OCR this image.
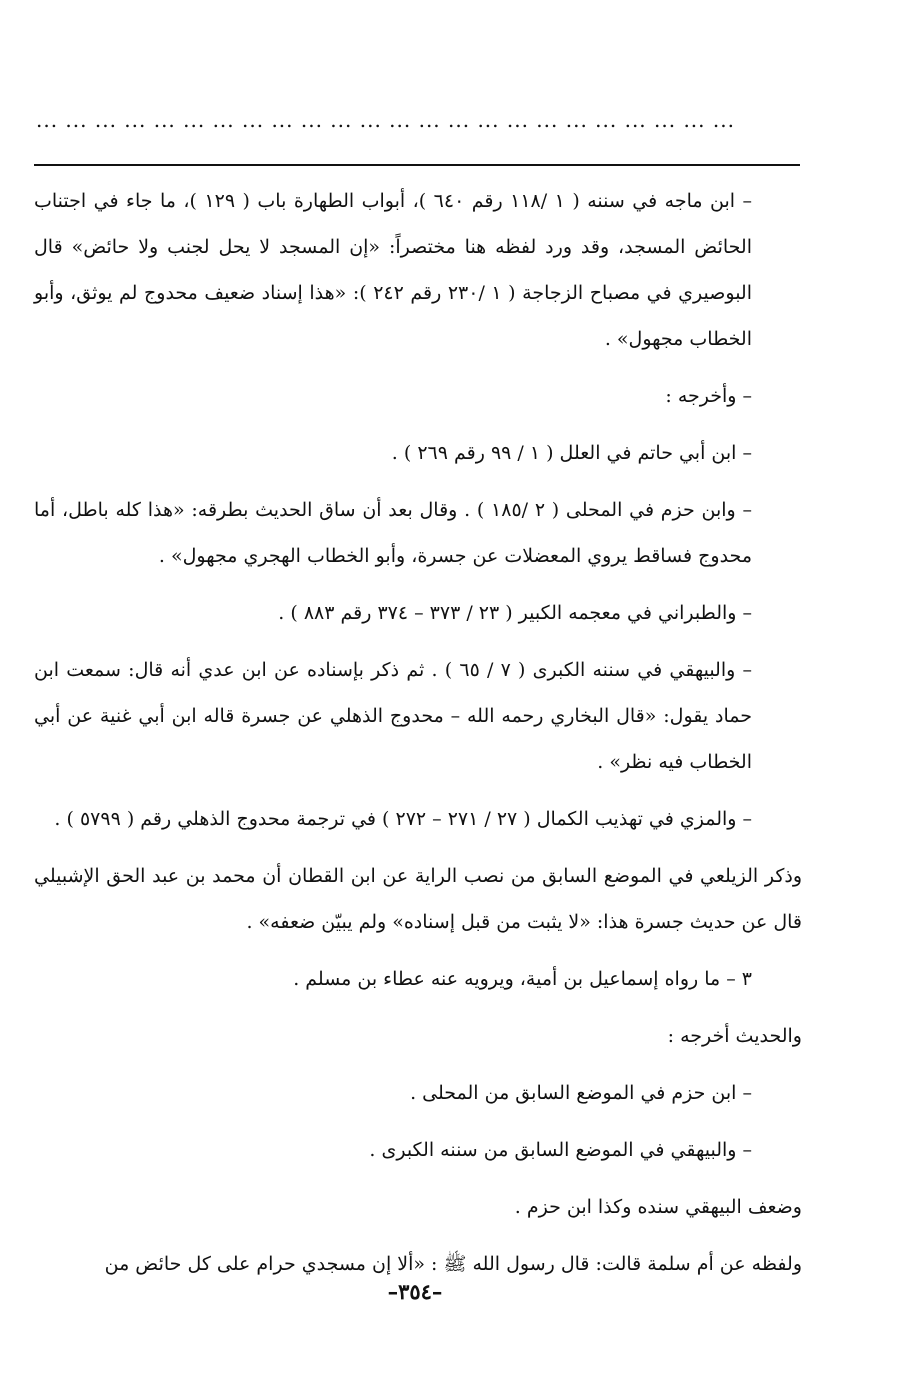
... ... ... ... ... ... ... ... ... ... ... ... ... ... ... ... ... ... ... ... ... ... ... ...

– ابن ماجه في سننه ( ١ /١١٨ رقم ٦٤٠ )، أبواب الطهارة باب ( ١٢٩ )، ما جاء في اجتناب الحائض المسجد، وقد ورد لفظه هنا مختصراً: «إن المسجد لا يحل لجنب ولا حائض» قال البوصيري في مصباح الزجاجة ( ١ /٢٣٠ رقم ٢٤٢ ): «هذا إسناد ضعيف محدوج لم يوثق، وأبو الخطاب مجهول» .

– وأخرجه :

– ابن أبي حاتم في العلل ( ١ / ٩٩ رقم ٢٦٩ ) .

– وابن حزم في المحلى ( ٢ /١٨٥ ) . وقال بعد أن ساق الحديث بطرقه: «هذا كله باطل، أما محدوج فساقط يروي المعضلات عن جسرة، وأبو الخطاب الهجري مجهول» .

– والطبراني في معجمه الكبير ( ٢٣ / ٣٧٣ – ٣٧٤ رقم ٨٨٣ ) .

– والبيهقي في سننه الكبرى ( ٧ / ٦٥ ) . ثم ذكر بإسناده عن ابن عدي أنه قال: سمعت ابن حماد يقول: «قال البخاري رحمه الله – محدوج الذهلي عن جسرة قاله ابن أبي غنية عن أبي الخطاب فيه نظر» .

– والمزي في تهذيب الكمال ( ٢٧ / ٢٧١ – ٢٧٢ ) في ترجمة محدوج الذهلي رقم ( ٥٧٩٩ ) .

وذكر الزيلعي في الموضع السابق من نصب الراية عن ابن القطان أن محمد بن عبد الحق الإشبيلي قال عن حديث جسرة هذا: «لا يثبت من قبل إسناده» ولم يبيّن ضعفه» .

٣ – ما رواه إسماعيل بن أمية، ويرويه عنه عطاء بن مسلم .

والحديث أخرجه :

– ابن حزم في الموضع السابق من المحلى .

– والبيهقي في الموضع السابق من سننه الكبرى .

وضعف البيهقي سنده وكذا ابن حزم .

ولفظه عن أم سلمة قالت: قال رسول الله ﷺ : «ألا إن مسجدي حرام على كل حائض من

–٣٥٤–
